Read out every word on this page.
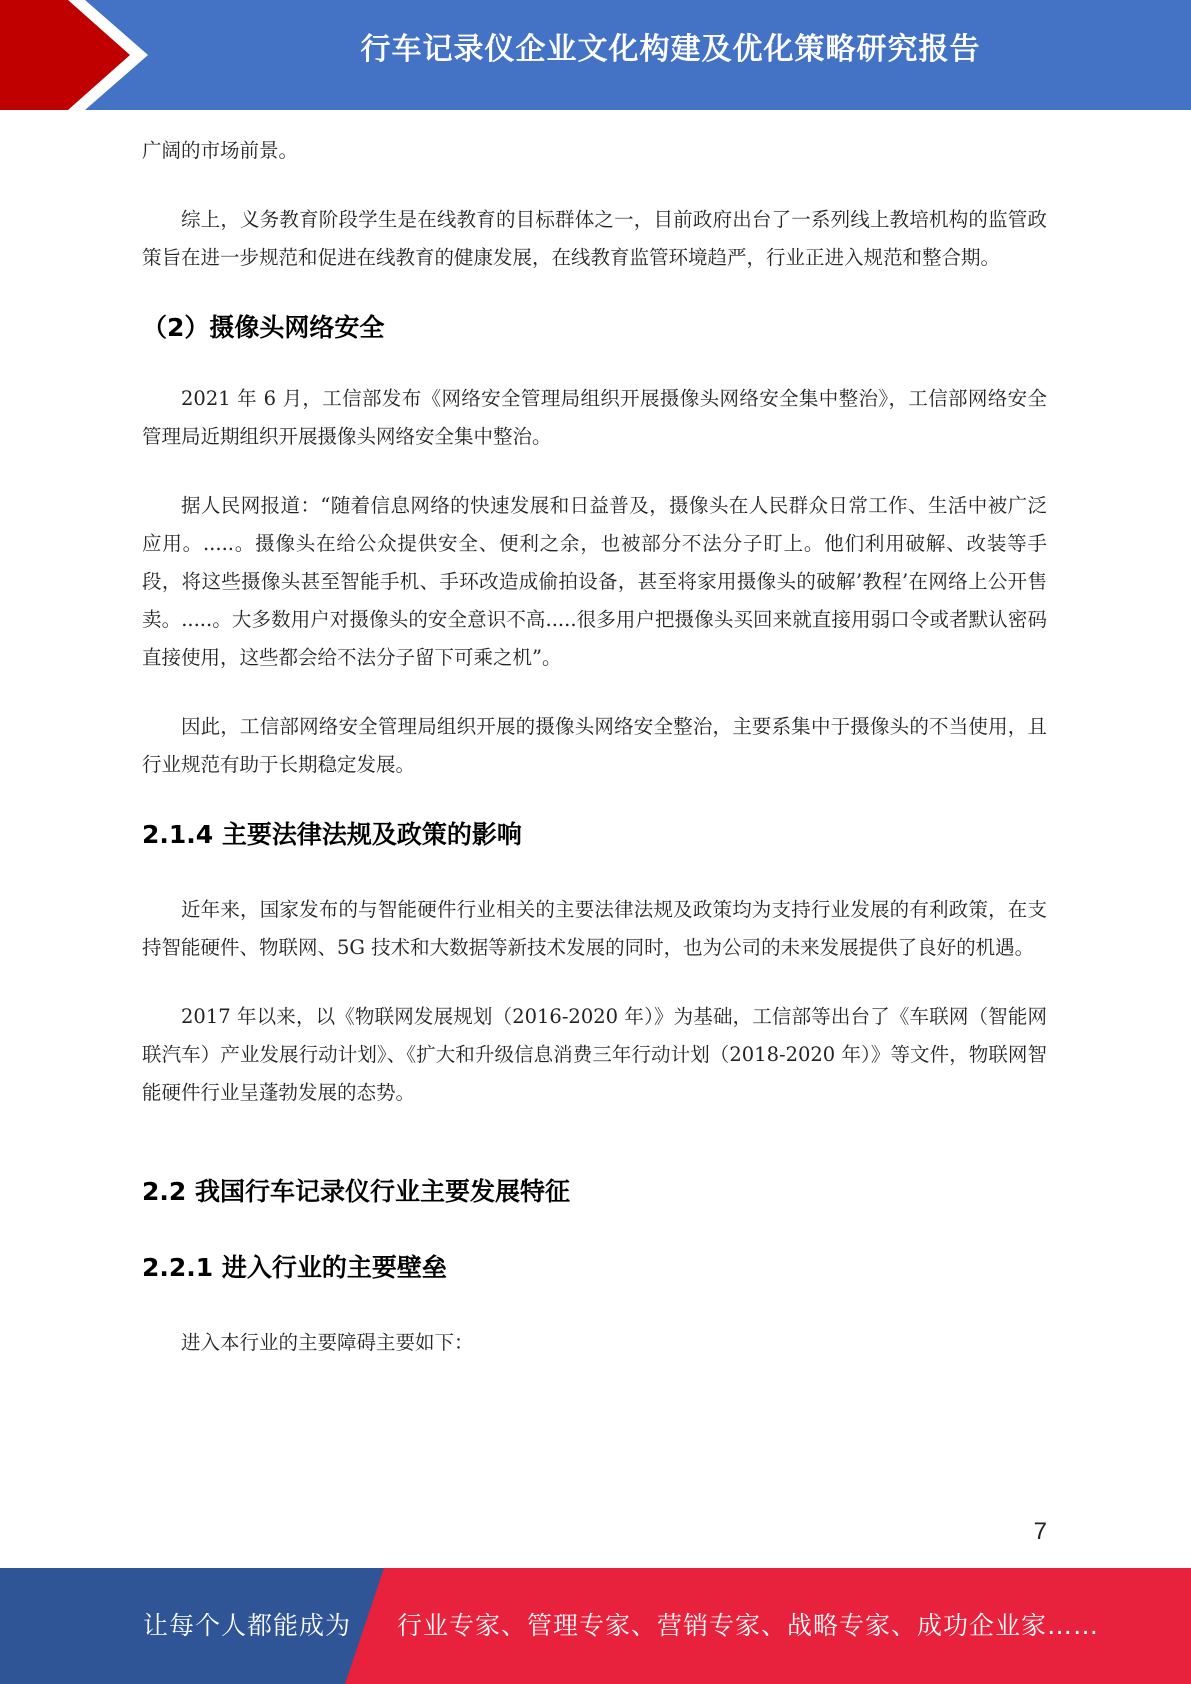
行车记录仪企业文化构建及优化策略研究报告

广阔的市场前景。

综上，义务教育阶段学生是在线教育的目标群体之一，目前政府出台了一系列线上教培机构的监管政策旨在进一步规范和促进在线教育的健康发展，在线教育监管环境趋严，行业正进入规范和整合期。

（2）摄像头网络安全

2021 年 6 月，工信部发布《网络安全管理局组织开展摄像头网络安全集中整治》，工信部网络安全管理局近期组织开展摄像头网络安全集中整治。

据人民网报道：“随着信息网络的快速发展和日益普及，摄像头在人民群众日常工作、生活中被广泛应用。.....。摄像头在给公众提供安全、便利之余，也被部分不法分子盯上。他们利用破解、改装等手段，将这些摄像头甚至智能手机、手环改造成偷拍设备，甚至将家用摄像头的破解’教程’在网络上公开售卖。.....。大多数用户对摄像头的安全意识不高.....很多用户把摄像头买回来就直接用弱口令或者默认密码直接使用，这些都会给不法分子留下可乘之机”。

因此，工信部网络安全管理局组织开展的摄像头网络安全整治，主要系集中于摄像头的不当使用，且行业规范有助于长期稳定发展。

2.1.4 主要法律法规及政策的影响

近年来，国家发布的与智能硬件行业相关的主要法律法规及政策均为支持行业发展的有利政策，在支持智能硬件、物联网、5G 技术和大数据等新技术发展的同时，也为公司的未来发展提供了良好的机遇。

2017 年以来，以《物联网发展规划（2016-2020 年）》为基础，工信部等出台了《车联网（智能网联汽车）产业发展行动计划》、《扩大和升级信息消费三年行动计划（2018-2020 年）》等文件，物联网智能硬件行业呈蓬勃发展的态势。

2.2 我国行车记录仪行业主要发展特征
2.2.1 进入行业的主要壁垒

进入本行业的主要障碍主要如下：

7
让每个人都能成为 行业专家、管理专家、营销专家、战略专家、成功企业家……
